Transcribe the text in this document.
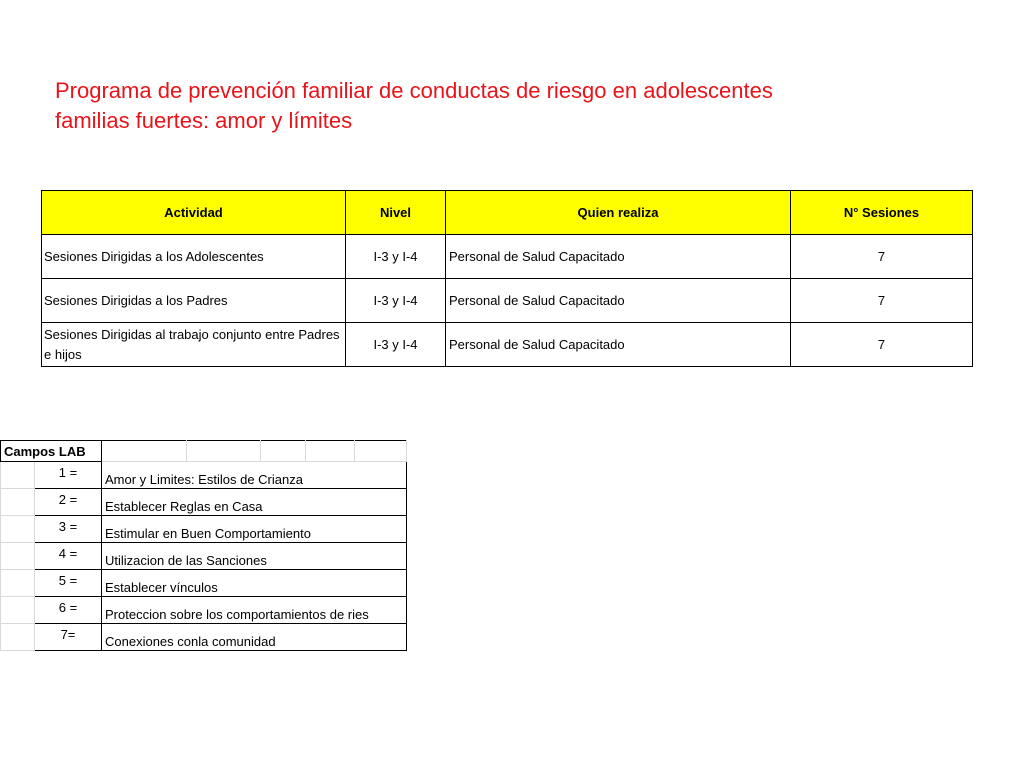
Programa de prevención familiar de conductas de riesgo en adolescentes
familias fuertes: amor y límites
Actividad	Nivel	Quien realiza	N° Sesiones
Sesiones Dirigidas a los Adolescentes	I-3 y I-4	Personal de Salud Capacitado	7
Sesiones Dirigidas a los Padres	I-3 y I-4	Personal de Salud Capacitado	7
Sesiones Dirigidas al trabajo conjunto entre Padres e hijos	I-3 y I-4	Personal de Salud Capacitado	7
Campos LAB						
	1 =	Amor y Limites: Estilos de Crianza				
	2 =	Establecer Reglas en Casa				
	3 =	Estimular en Buen Comportamiento				
	4 =	Utilizacion de las Sanciones				
	5 =	Establecer vínculos				
	6 =	Proteccion sobre los comportamientos de ries				
	7=	Conexiones conla comunidad				
